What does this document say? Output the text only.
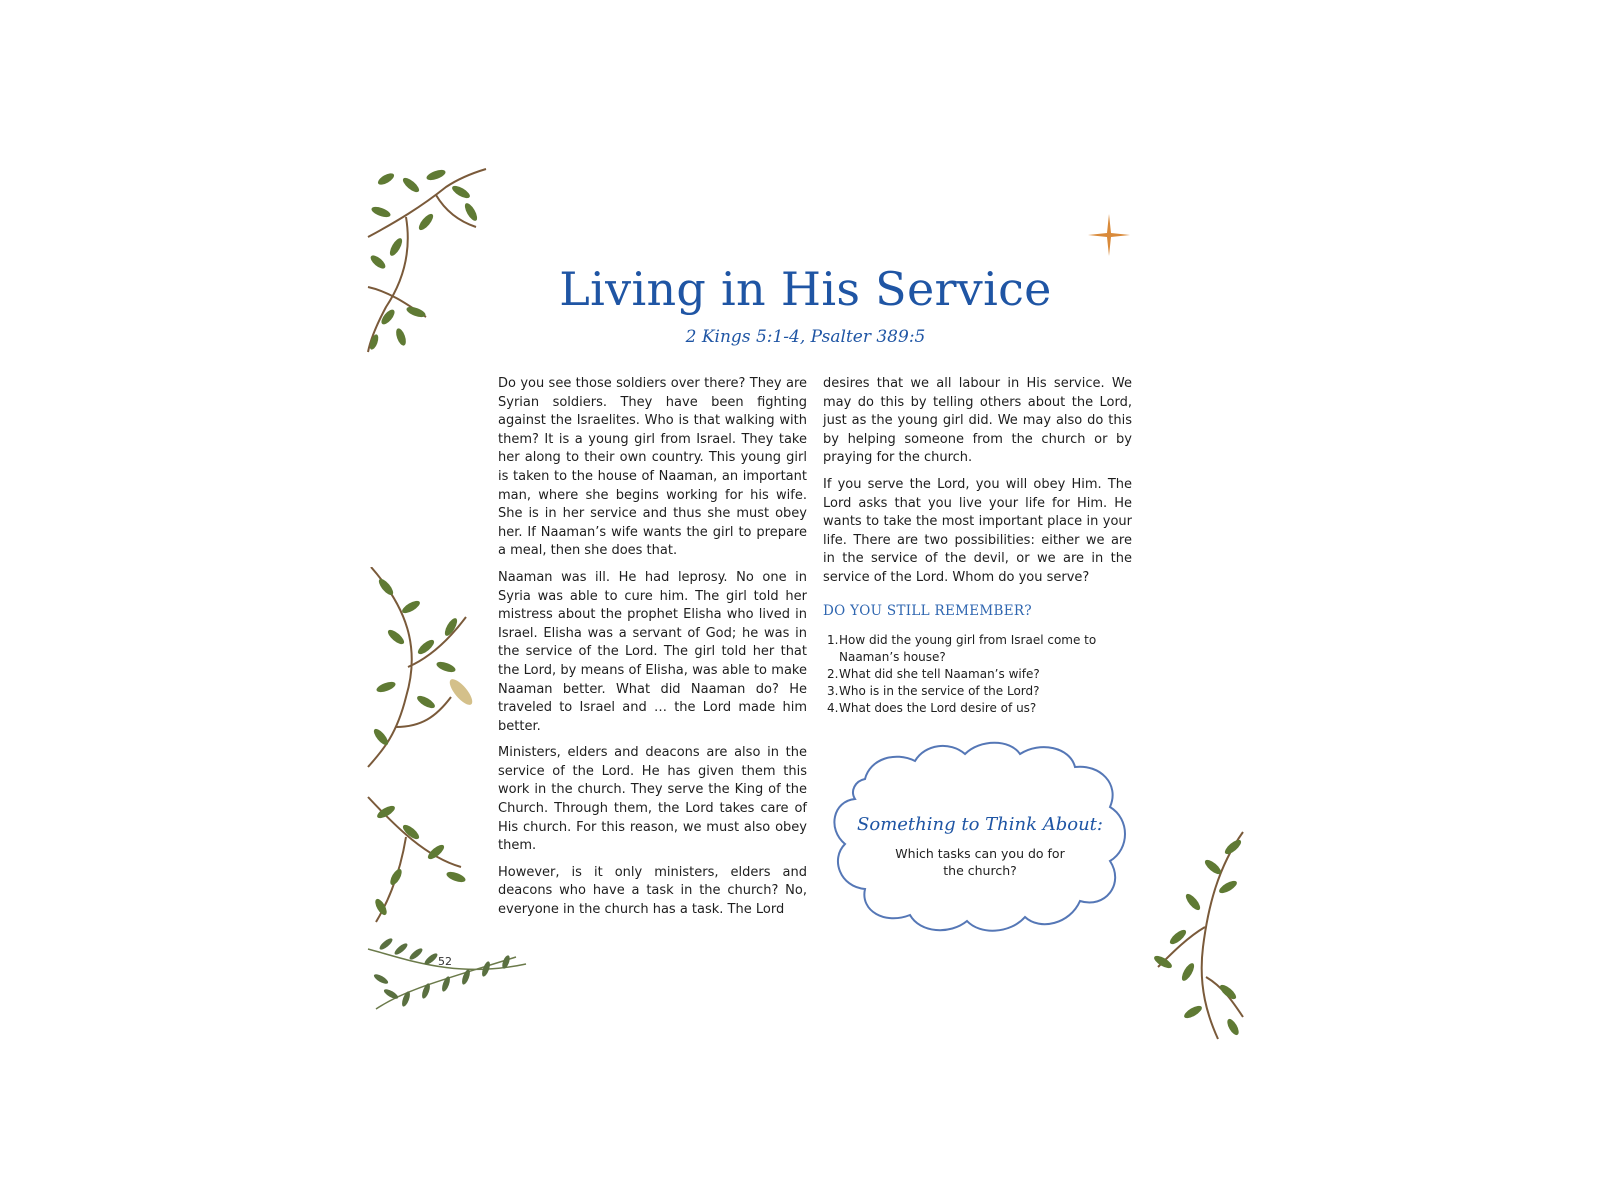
Living in His Service
2 Kings 5:1-4, Psalter 389:5

Do you see those soldiers over there? They are Syrian soldiers. They have been fighting against the Israelites. Who is that walking with them? It is a young girl from Israel. They take her along to their own country. This young girl is taken to the house of Naaman, an important man, where she begins working for his wife. She is in her service and thus she must obey her. If Naaman’s wife wants the girl to prepare a meal, then she does that.

Naaman was ill. He had leprosy. No one in Syria was able to cure him. The girl told her mistress about the prophet Elisha who lived in Israel. Elisha was a servant of God; he was in the service of the Lord. The girl told her that the Lord, by means of Elisha, was able to make Naaman better. What did Naaman do? He traveled to Israel and … the Lord made him better.

Ministers, elders and deacons are also in the service of the Lord. He has given them this work in the church. They serve the King of the Church. Through them, the Lord takes care of His church. For this reason, we must also obey them.

However, is it only ministers, elders and deacons who have a task in the church? No, everyone in the church has a task. The Lord

desires that we all labour in His service. We may do this by telling others about the Lord, just as the young girl did. We may also do this by helping someone from the church or by praying for the church.

If you serve the Lord, you will obey Him. The Lord asks that you live your life for Him. He wants to take the most important place in your life. There are two possibilities: either we are in the service of the devil, or we are in the service of the Lord. Whom do you serve?

DO YOU STILL REMEMBER?
1. How did the young girl from Israel come to Naaman’s house?
2. What did she tell Naaman’s wife?
3. Who is in the service of the Lord?
4. What does the Lord desire of us?
Something to Think About:
Which tasks can you do for the church?
52
